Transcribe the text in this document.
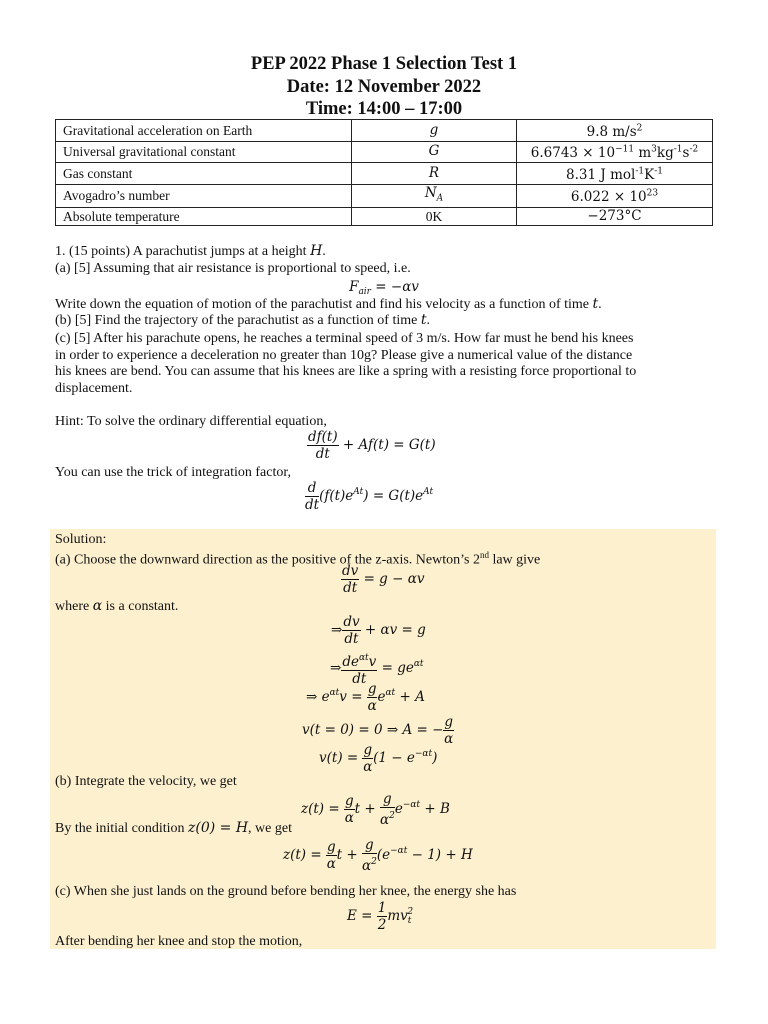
PEP 2022 Phase 1 Selection Test 1
Date: 12 November 2022
Time: 14:00 – 17:00
Gravitational acceleration on Earth	g	9.8 $m/s^2$
Universal gravitational constant	G	$6.6743 \times 10^{-11}$ $m^3kg^{-1}s^{-2}$
Gas constant	R	8.31 J $mol^{-1}K^{-1}$
Avogadro’s number	$N_A$	$6.022 \times 10^{23}$
Absolute temperature	0K	−273°C
1. (15 points) A parachutist jumps at a height H.
(a) [5] Assuming that air resistance is proportional to speed, i.e.
$F_{air} = -\alpha v$
Write down the equation of motion of the parachutist and find his velocity as a function of time t.
(b) [5] Find the trajectory of the parachutist as a function of time t.
(c) [5] After his parachute opens, he reaches a terminal speed of 3 m/s. How far must he bend his knees
in order to experience a deceleration no greater than 10g? Please give a numerical value of the distance
his knees are bend. You can assume that his knees are like a spring with a resisting force proportional to
displacement.
Hint: To solve the ordinary differential equation,
$\frac{df(t)}{dt} + Af(t) = G(t)$
You can use the trick of integration factor,
$\frac{d}{dt} (f(t)e^{At}) = G(t)e^{At}$
Solution:
(a) Choose the downward direction as the positive of the z-axis. Newton’s 2nd law give
$\frac{dv}{dt} = g - \alpha v$
where α is a constant.
⇒ $\frac{dv}{dt} + \alpha v = g$
⇒ $\frac{de^{\alpha t}v}{dt} = ge^{\alpha t}$
⇒ $e^{\alpha t}v = \frac{g}{\alpha} e^{\alpha t} + A$
v(t = 0) = 0 ⇒ A = − $\frac{g}{\alpha}$
$v(t) = \frac{g}{\alpha} (1 - e^{-\alpha t})$
(b) Integrate the velocity, we get
$z(t) = \frac{g}{\alpha}$ $t + \frac{g}{\alpha^2} e^{-\alpha t} + B$
By the initial condition z(0) = H, we get
$z(t) = \frac{g}{\alpha}$ $t + \frac{g}{\alpha^2} (e^{-\alpha t} - 1) + H$
(c) When she just lands on the ground before bending her knee, the energy she has
$E = \frac{1}{2} mv_t^2$
After bending her knee and stop the motion,
